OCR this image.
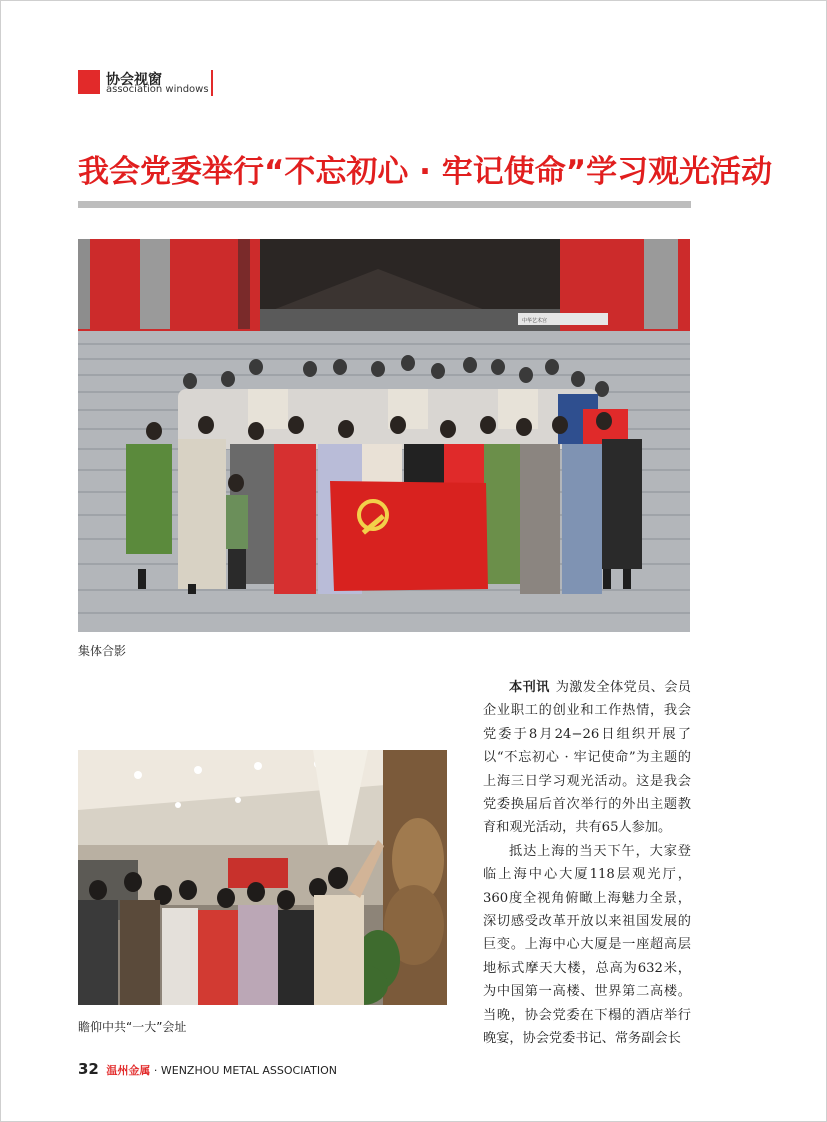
协会视窗
association windows
我会党委举行“不忘初心 · 牢记使命”学习观光活动
中华艺术宫
集体合影
瞻仰中共“一大”会址

本刊讯 为激发全体党员、会员企业职工的创业和工作热情，我会党委于8月24−26日组织开展了以“不忘初心 · 牢记使命”为主题的上海三日学习观光活动。这是我会党委换届后首次举行的外出主题教育和观光活动，共有65人参加。

抵达上海的当天下午，大家登临上海中心大厦118层观光厅，360度全视角俯瞰上海魅力全景，深切感受改革开放以来祖国发展的巨变。上海中心大厦是一座超高层地标式摩天大楼，总高为632米，为中国第一高楼、世界第二高楼。当晚，协会党委在下榻的酒店举行晚宴，协会党委书记、常务副会长

32 温州金属 · WENZHOU METAL ASSOCIATION
